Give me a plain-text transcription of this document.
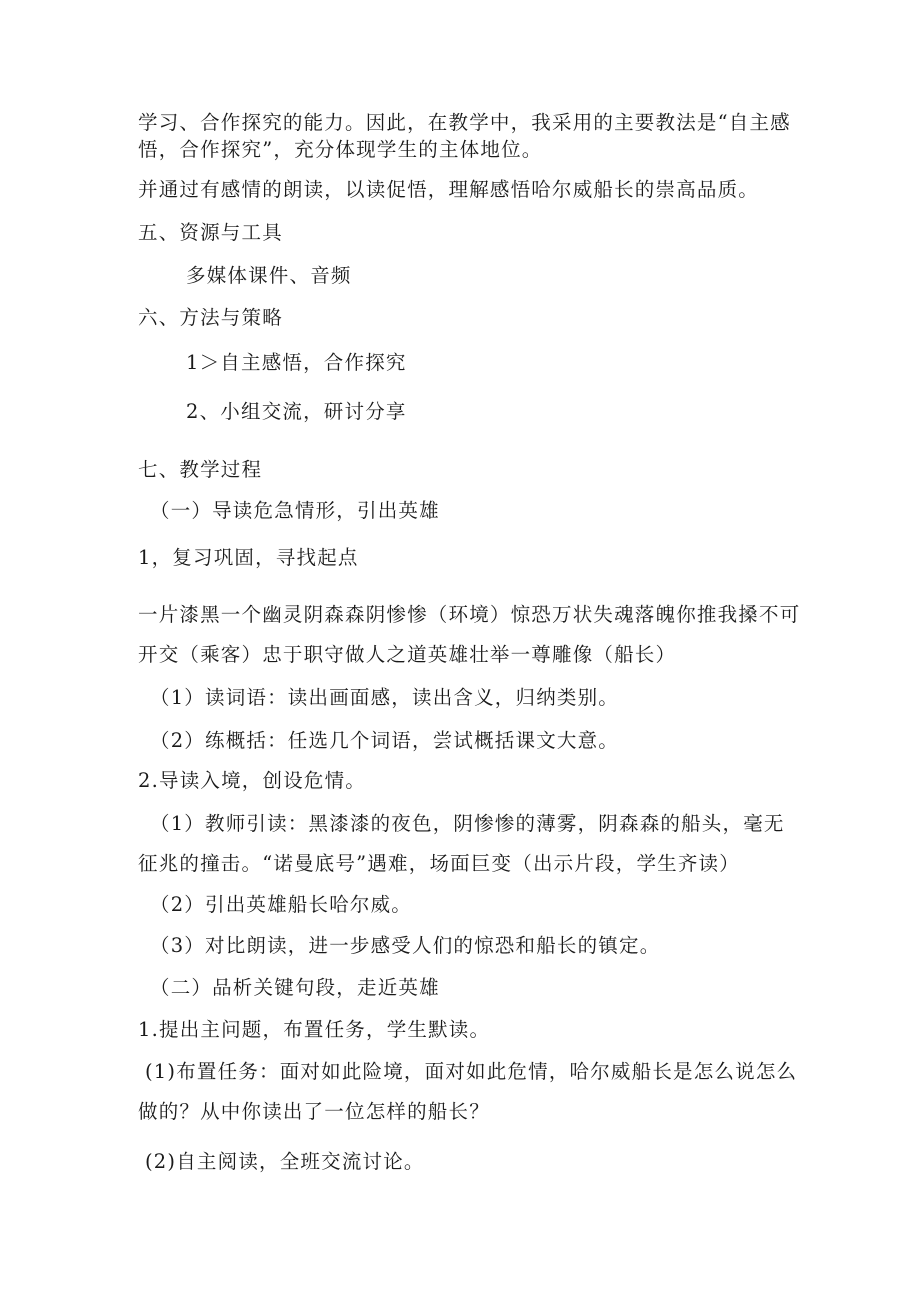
学习、合作探究的能力。因此，在教学中，我采用的主要教法是“自主感
悟，合作探究”，充分体现学生的主体地位。
并通过有感情的朗读，以读促悟，理解感悟哈尔威船长的崇高品质。
五、资源与工具
多媒体课件、音频
六、方法与策略
1＞自主感悟，合作探究
2、小组交流，研讨分享
七、教学过程
（一）导读危急情形，引出英雄
1，复习巩固，寻找起点
一片漆黑一个幽灵阴森森阴惨惨（环境）惊恐万状失魂落魄你推我搡不可
开交（乘客）忠于职守做人之道英雄壮举一尊雕像（船长）
（1）读词语：读出画面感，读出含义，归纳类别。
（2）练概括：任选几个词语，尝试概括课文大意。
2.导读入境，创设危情。
（1）教师引读：黑漆漆的夜色，阴惨惨的薄雾，阴森森的船头，毫无
征兆的撞击。“诺曼底号”遇难，场面巨变（出示片段，学生齐读）
（2）引出英雄船长哈尔威。
（3）对比朗读，进一步感受人们的惊恐和船长的镇定。
（二）品析关键句段，走近英雄
1.提出主问题，布置任务，学生默读。
(1)布置任务：面对如此险境，面对如此危情，哈尔威船长是怎么说怎么
做的？从中你读出了一位怎样的船长？
(2)自主阅读，全班交流讨论。
